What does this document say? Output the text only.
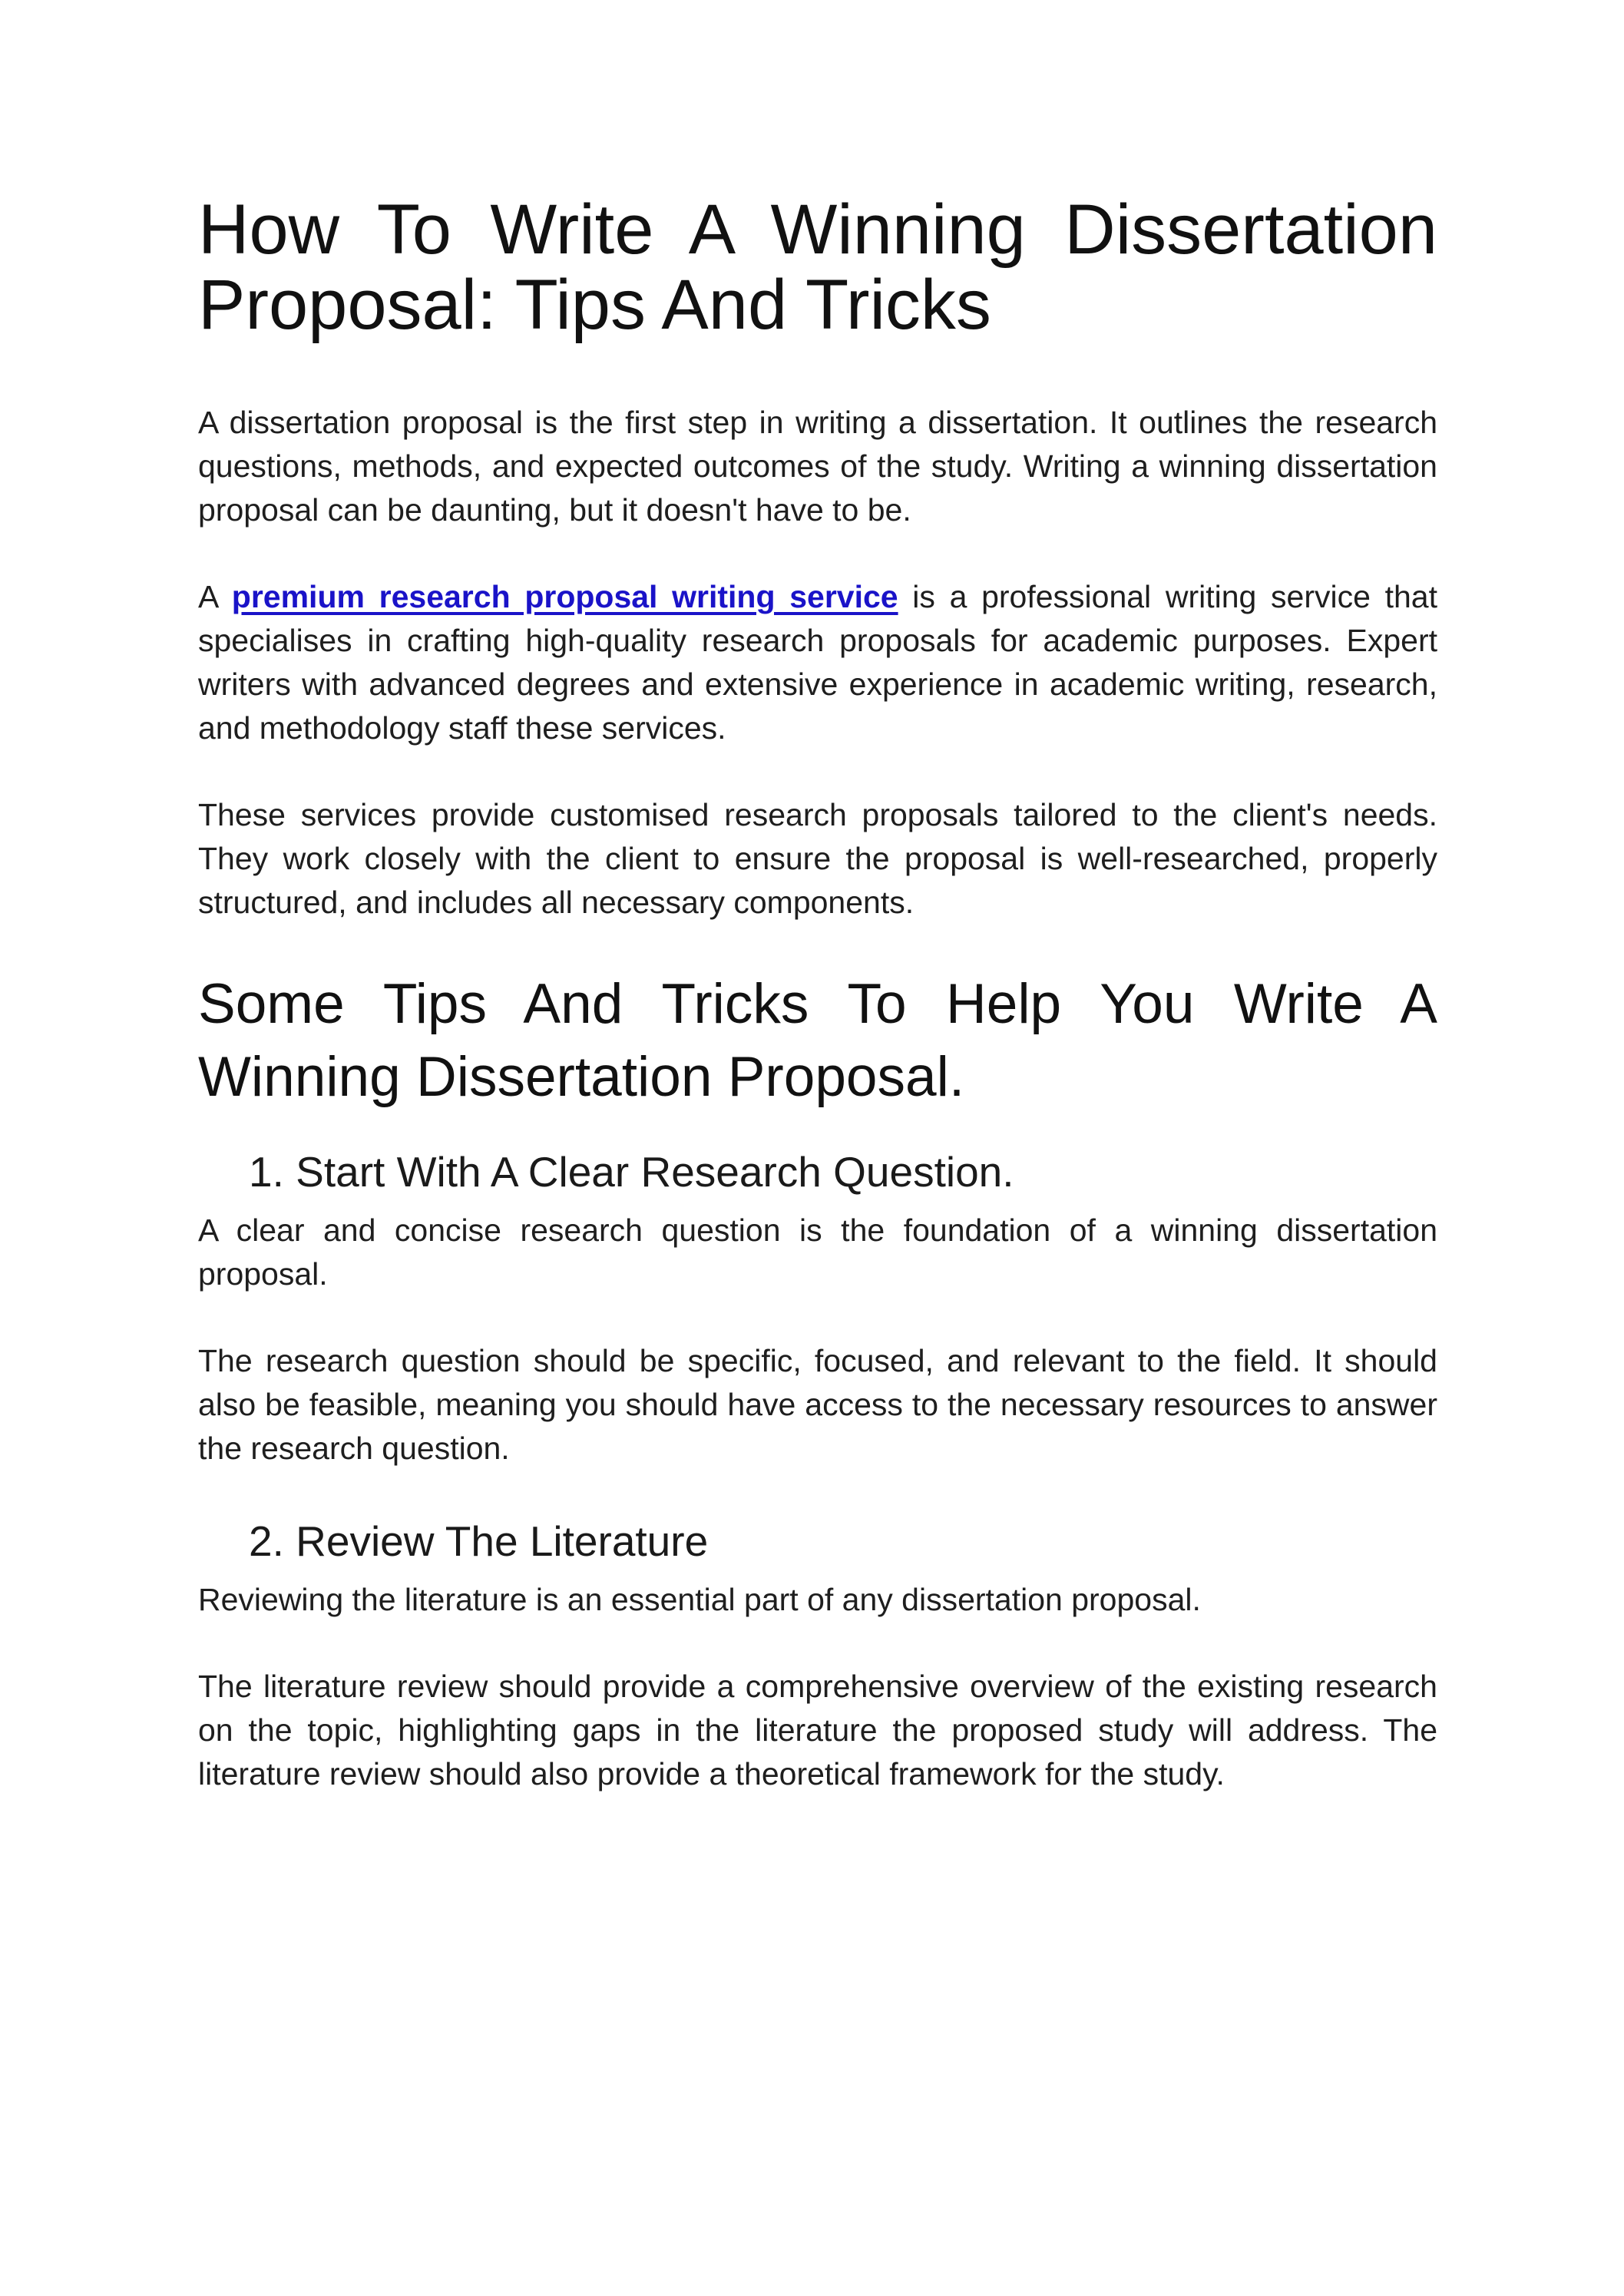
How To Write A Winning Dissertation Proposal: Tips And Tricks

A dissertation proposal is the first step in writing a dissertation. It outlines the research questions, methods, and expected outcomes of the study. Writing a winning dissertation proposal can be daunting, but it doesn't have to be.

A premium research proposal writing service is a professional writing service that specialises in crafting high-quality research proposals for academic purposes. Expert writers with advanced degrees and extensive experience in academic writing, research, and methodology staff these services.

These services provide customised research proposals tailored to the client's needs. They work closely with the client to ensure the proposal is well-researched, properly structured, and includes all necessary components.

Some Tips And Tricks To Help You Write A Winning Dissertation Proposal.
1. Start With A Clear Research Question.

A clear and concise research question is the foundation of a winning dissertation proposal.

The research question should be specific, focused, and relevant to the field. It should also be feasible, meaning you should have access to the necessary resources to answer the research question.

2. Review The Literature

Reviewing the literature is an essential part of any dissertation proposal.

The literature review should provide a comprehensive overview of the existing research on the topic, highlighting gaps in the literature the proposed study will address. The literature review should also provide a theoretical framework for the study.
